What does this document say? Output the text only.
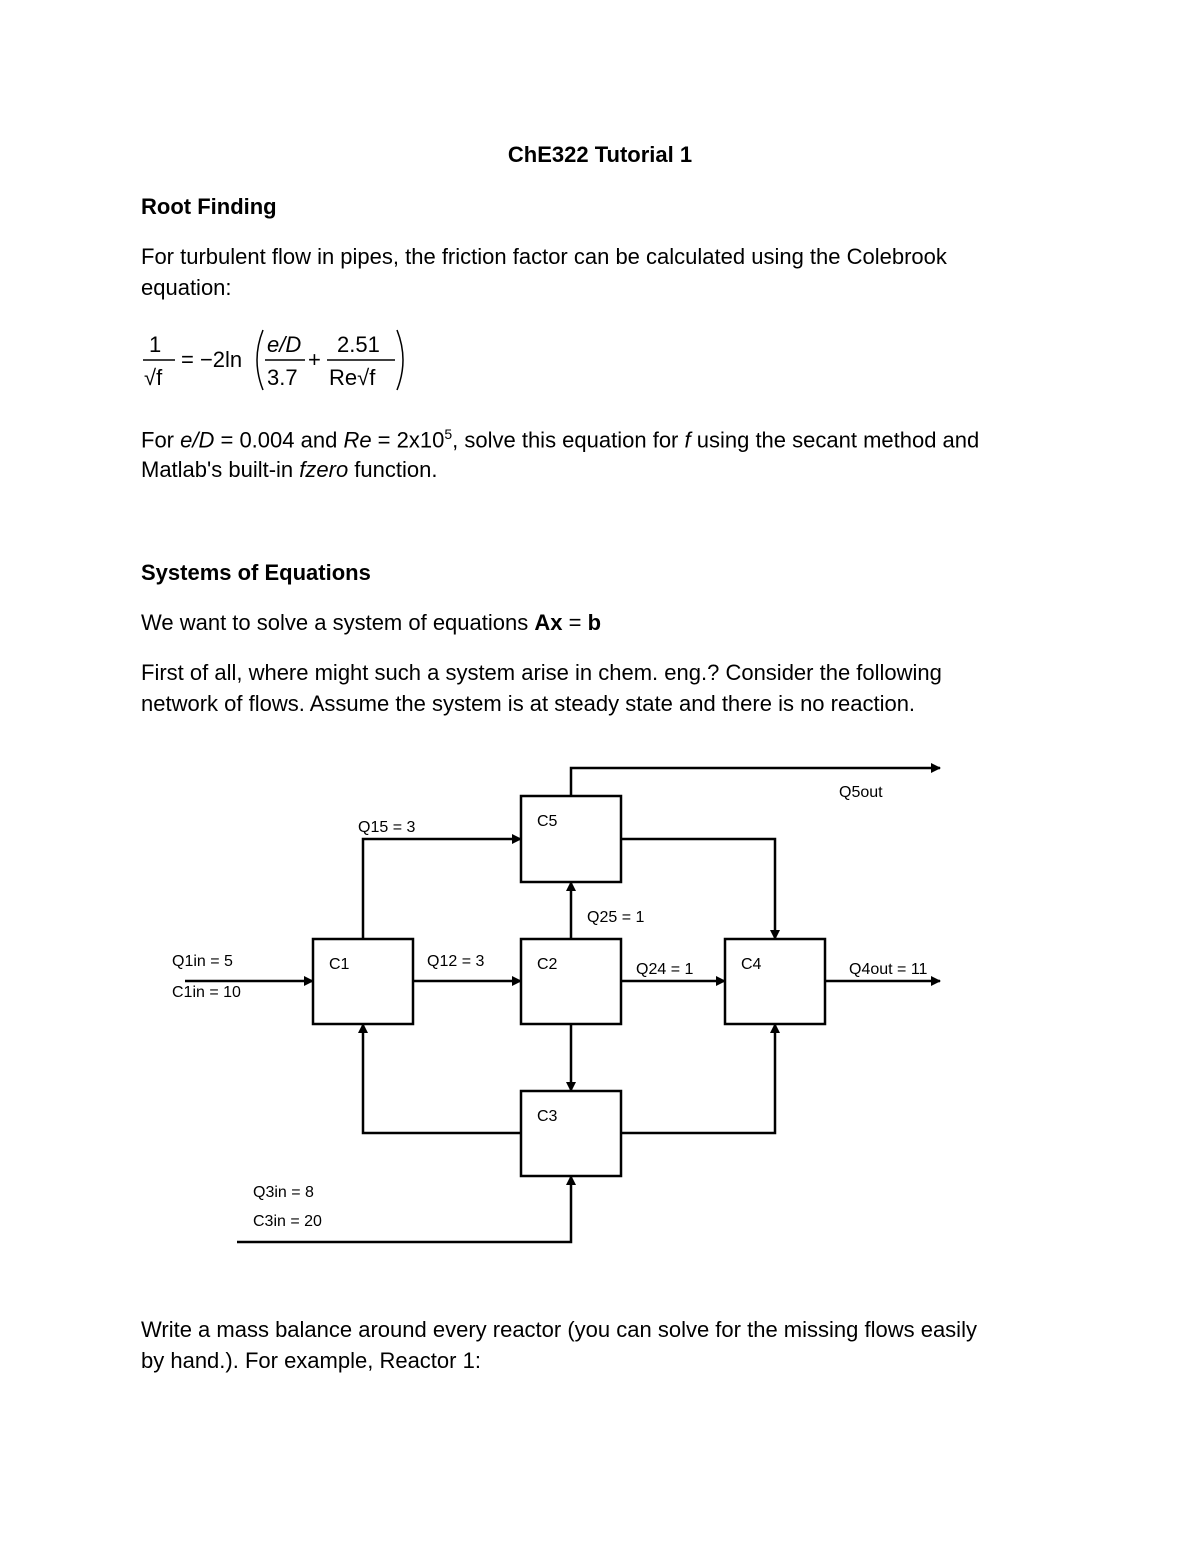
ChE322 Tutorial 1
Root Finding
For turbulent flow in pipes, the friction factor can be calculated using the Colebrook
equation:
1
√f
= −2ln
e/D
3.7
+
2.51
Re√f
For e/D = 0.004 and $Re = 2x10^5$, solve this equation for f using the secant method and
Matlab's built-in fzero function.
Systems of Equations
We want to solve a system of equations Ax = b
First of all, where might such a system arise in chem. eng.? Consider the following
network of flows. Assume the system is at steady state and there is no reaction.
C5
C1	C2	C4
C3
Q5out
Q15 = 3
Q25 = 1
Q1in = 5
C1in = 10
Q12 = 3	Q24 = 1	Q4out = 11
Q3in = 8
C3in = 20
Write a mass balance around every reactor (you can solve for the missing flows easily
by hand.). For example, Reactor 1:
